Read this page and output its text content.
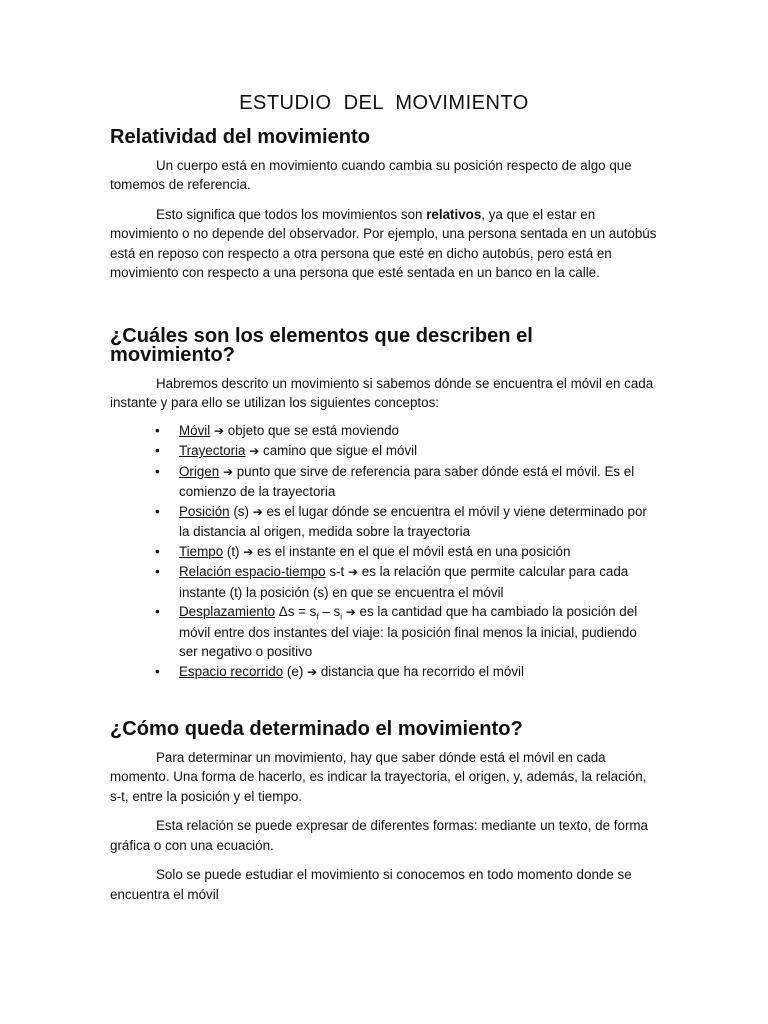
ESTUDIO DEL MOVIMIENTO
Relatividad del movimiento

Un cuerpo está en movimiento cuando cambia su posición respecto de algo que tomemos de referencia.

Esto significa que todos los movimientos son relativos, ya que el estar en movimiento o no depende del observador. Por ejemplo, una persona sentada en un autobús está en reposo con respecto a otra persona que esté en dicho autobús, pero está en movimiento con respecto a una persona que esté sentada en un banco en la calle.

¿Cuáles son los elementos que describen el movimiento?

Habremos descrito un movimiento si sabemos dónde se encuentra el móvil en cada instante y para ello se utilizan los siguientes conceptos:

• Móvil ➔ objeto que se está moviendo
• Trayectoria ➔ camino que sigue el móvil
• Origen ➔ punto que sirve de referencia para saber dónde está el móvil. Es el comienzo de la trayectoria
• Posición (s) ➔ es el lugar dónde se encuentra el móvil y viene determinado por la distancia al origen, medida sobre la trayectoria
• Tiempo (t) ➔ es el instante en el que el móvil está en una posición
• Relación espacio-tiempo s-t ➔ es la relación que permite calcular para cada instante (t) la posición (s) en que se encuentra el móvil
• Desplazamiento $\Delta s = s_f - s_i$ ➔ es la cantidad que ha cambiado la posición del móvil entre dos instantes del viaje: la posición final menos la inicial, pudiendo ser negativo o positivo
• Espacio recorrido (e) ➔ distancia que ha recorrido el móvil
¿Cómo queda determinado el movimiento?

Para determinar un movimiento, hay que saber dónde está el móvil en cada momento. Una forma de hacerlo, es indicar la trayectoria, el origen, y, además, la relación, s-t, entre la posición y el tiempo.

Esta relación se puede expresar de diferentes formas: mediante un texto, de forma gráfica o con una ecuación.

Solo se puede estudiar el movimiento si conocemos en todo momento donde se encuentra el móvil
